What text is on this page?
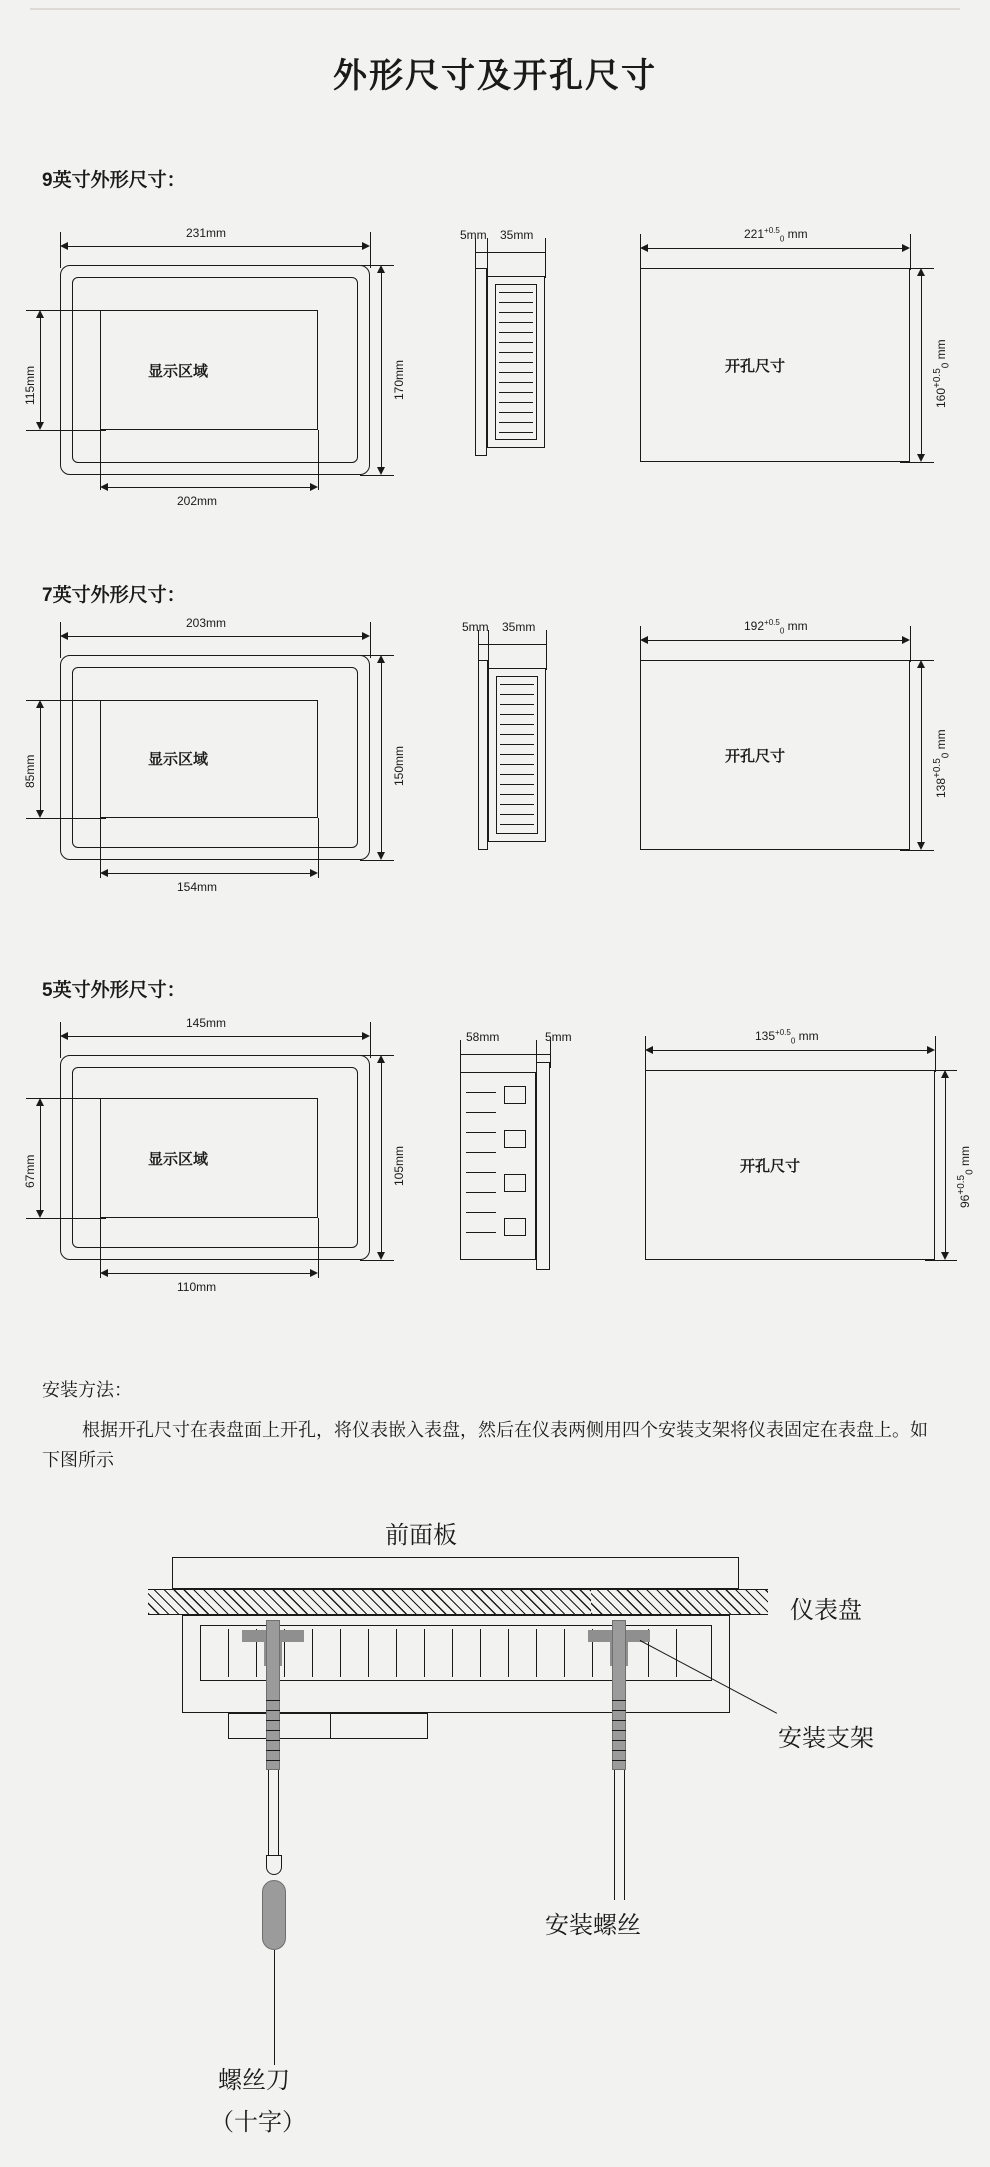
外形尺寸及开孔尺寸
9英寸外形尺寸：
显示区域
231mm
202mm
170mm
115mm
5mm 35mm
开孔尺寸
$221^{+0.5}_0$ mm
$160^{+0.5}_0$ mm
7英寸外形尺寸：
显示区域
203mm
154mm
150mm
85mm
5mm 35mm
开孔尺寸
$192^{+0.5}_0$ mm
$138^{+0.5}_0$ mm
5英寸外形尺寸：
显示区域
145mm
110mm
105mm
67mm
58mm	5mm
开孔尺寸
$135^{+0.5}_0$ mm
$96^{+0.5}_0$ mm
安装方法：
根据开孔尺寸在表盘面上开孔，将仪表嵌入表盘，然后在仪表两侧用四个安装支架将仪表固定在表盘上。如下图所示
前面板
仪表盘
安装支架
安装螺丝
螺丝刀
（十字）
